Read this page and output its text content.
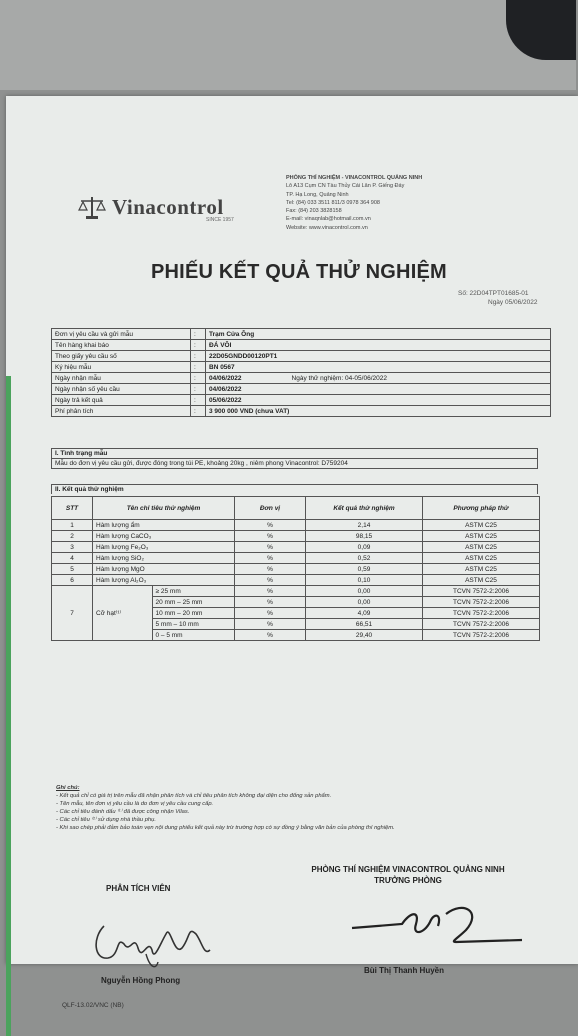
Vinacontrol
SINCE 1957
PHÒNG THÍ NGHIỆM - VINACONTROL QUẢNG NINH
Lô A13 Cụm CN Tàu Thủy Cái Lân P. Giếng Đáy
TP. Hạ Long, Quảng Ninh
Tel: (84) 033 3511 811/3 0978 364 908
Fax: (84) 203 3828158
E-mail: vinaqnlab@hotmail.com.vn
Website: www.vinacontrol.com.vn
PHIẾU KẾT QUẢ THỬ NGHIỆM
Số: 22D04TPT01685-01
Ngày 05/06/2022
Đơn vị yêu cầu và gửi mẫu	:	Trạm Cửa Ông
Tên hàng khai báo	:	ĐÁ VÔI
Theo giấy yêu cầu số	:	22D05GNDD00120PT1
Ký hiệu mẫu	:	BN 0567
Ngày nhận mẫu	:	04/06/2022 Ngày thử nghiệm: 04-05/06/2022
Ngày nhận số yêu cầu	:	04/06/2022
Ngày trả kết quả	:	05/06/2022
Phí phân tích	:	3 900 000 VND (chưa VAT)
I. Tình trạng mẫu
Mẫu do đơn vị yêu cầu gửi, được đóng trong túi PE, khoảng 20kg , niêm phong Vinacontrol: D759204
II. Kết quả thử nghiệm
STT	Tên chỉ tiêu thử nghiệm		Đơn vị	Kết quả thử nghiệm	Phương pháp thử
1	Hàm lượng ẩm		%	2,14	ASTM C25
2	Hàm lượng CaCO₃		%	98,15	ASTM C25
3	Hàm lượng Fe₂O₃		%	0,09	ASTM C25
4	Hàm lượng SiO₂		%	0,52	ASTM C25
5	Hàm lượng MgO		%	0,59	ASTM C25
6	Hàm lượng Al₂O₃		%	0,10	ASTM C25
7	Cỡ hạt⁽¹⁾	≥ 25 mm	%	0,00	TCVN 7572-2:2006
		20 mm – 25 mm	%	0,00	TCVN 7572-2:2006
		10 mm – 20 mm	%	4,09	TCVN 7572-2:2006
		5 mm – 10 mm	%	66,51	TCVN 7572-2:2006
		0 – 5 mm	%	29,40	TCVN 7572-2:2006
Ghi chú:
- Kết quả chỉ có giá trị trên mẫu đã nhận phân tích và chỉ tiêu phân tích không đại diện cho đống sản phẩm.
- Tên mẫu, tên đơn vị yêu cầu là do đơn vị yêu cầu cung cấp.
- Các chỉ tiêu đánh dấu ⁽¹⁾ đã được công nhận Vilas.
- Các chỉ tiêu ⁽²⁾ sử dụng nhà thầu phụ.
- Khi sao chép phải đảm bảo toàn vẹn nội dung phiếu kết quả này trừ trường hợp có sự đồng ý bằng văn bản của phòng thí nghiệm.
PHÒNG THÍ NGHIỆM VINACONTROL QUẢNG NINH
TRƯỞNG PHÒNG
PHÂN TÍCH VIÊN
Nguyễn Hồng Phong
Bùi Thị Thanh Huyền
QLF-13.02/VNC (NB)
